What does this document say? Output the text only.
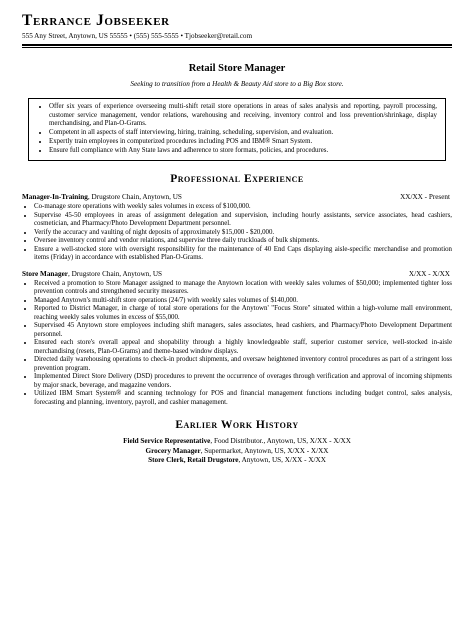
Terrance Jobseeker
555 Any Street, Anytown, US 55555 • (555) 555-5555 • Tjobseeker@retail.com
Retail Store Manager
Seeking to transition from a Health & Beauty Aid store to a Big Box store.
• Offer six years of experience overseeing multi-shift retail store operations in areas of sales analysis and reporting, payroll processing, customer service management, vendor relations, warehousing and receiving, inventory control and loss prevention/shrinkage, display merchandising, and Plan-O-Grams.
• Competent in all aspects of staff interviewing, hiring, training, scheduling, supervision, and evaluation.
• Expertly train employees in computerized procedures including POS and IBM® Smart System.
• Ensure full compliance with Any State laws and adherence to store formats, policies, and procedures.
Professional Experience
Manager-In-Training, Drugstore Chain, Anytown, US	XX/XX - Present
• Co-manage store operations with weekly sales volumes in excess of $100,000.
• Supervise 45-50 employees in areas of assignment delegation and supervision, including hourly assistants, service associates, head cashiers, cosmetician, and Pharmacy/Photo Development Department personnel.
• Verify the accuracy and vaulting of night deposits of approximately $15,000 - $20,000.
• Oversee inventory control and vendor relations, and supervise three daily truckloads of bulk shipments.
• Ensure a well-stocked store with oversight responsibility for the maintenance of 40 End Caps displaying aisle-specific merchandise and promotion items (Friday) in accordance with established Plan-O-Grams.
Store Manager, Drugstore Chain, Anytown, US	X/XX - X/XX
• Received a promotion to Store Manager assigned to manage the Anytown location with weekly sales volumes of $50,000; implemented tighter loss prevention controls and strengthened security measures.
• Managed Anytown's multi-shift store operations (24/7) with weekly sales volumes of $140,000.
• Reported to District Manager, in charge of total store operations for the Anytown' "Focus Store" situated within a high-volume mall environment, reaching weekly sales volumes in excess of $55,000.
• Supervised 45 Anytown store employees including shift managers, sales associates, head cashiers, and Pharmacy/Photo Development Department personnel.
• Ensured each store's overall appeal and shopability through a highly knowledgeable staff, superior customer service, well-stocked in-aisle merchandising (resets, Plan-O-Grams) and theme-based window displays.
• Directed daily warehousing operations to check-in product shipments, and oversaw heightened inventory control procedures as part of a stringent loss prevention program.
• Implemented Direct Store Delivery (DSD) procedures to prevent the occurrence of overages through verification and approval of incoming shipments by major snack, beverage, and magazine vendors.
• Utilized IBM Smart System® and scanning technology for POS and financial management functions including budget control, sales analysis, forecasting and planning, inventory, payroll, and cashier management.
Earlier Work History
Field Service Representative, Food Distributor., Anytown, US, X/XX - X/XX
Grocery Manager, Supermarket, Anytown, US, X/XX - X/XX
Store Clerk, Retail Drugstore, Anytown, US, X/XX - X/XX
